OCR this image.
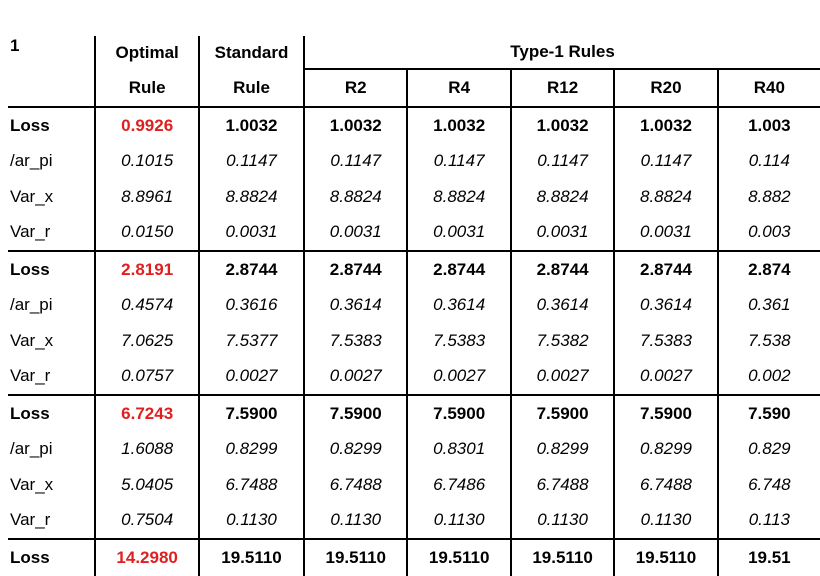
1	Optimal	Standard	Type-1 Rules				
	Rule	Rule	R2	R4	R12	R20	R40
Loss	0.9926	1.0032	1.0032	1.0032	1.0032	1.0032	1.003
/ar_pi	0.1015	0.1147	0.1147	0.1147	0.1147	0.1147	0.114
Var_x	8.8961	8.8824	8.8824	8.8824	8.8824	8.8824	8.882
Var_r	0.0150	0.0031	0.0031	0.0031	0.0031	0.0031	0.003
Loss	2.8191	2.8744	2.8744	2.8744	2.8744	2.8744	2.874
/ar_pi	0.4574	0.3616	0.3614	0.3614	0.3614	0.3614	0.361
Var_x	7.0625	7.5377	7.5383	7.5383	7.5382	7.5383	7.538
Var_r	0.0757	0.0027	0.0027	0.0027	0.0027	0.0027	0.002
Loss	6.7243	7.5900	7.5900	7.5900	7.5900	7.5900	7.590
/ar_pi	1.6088	0.8299	0.8299	0.8301	0.8299	0.8299	0.829
Var_x	5.0405	6.7488	6.7488	6.7486	6.7488	6.7488	6.748
Var_r	0.7504	0.1130	0.1130	0.1130	0.1130	0.1130	0.113
Loss	14.2980	19.5110	19.5110	19.5110	19.5110	19.5110	19.51
